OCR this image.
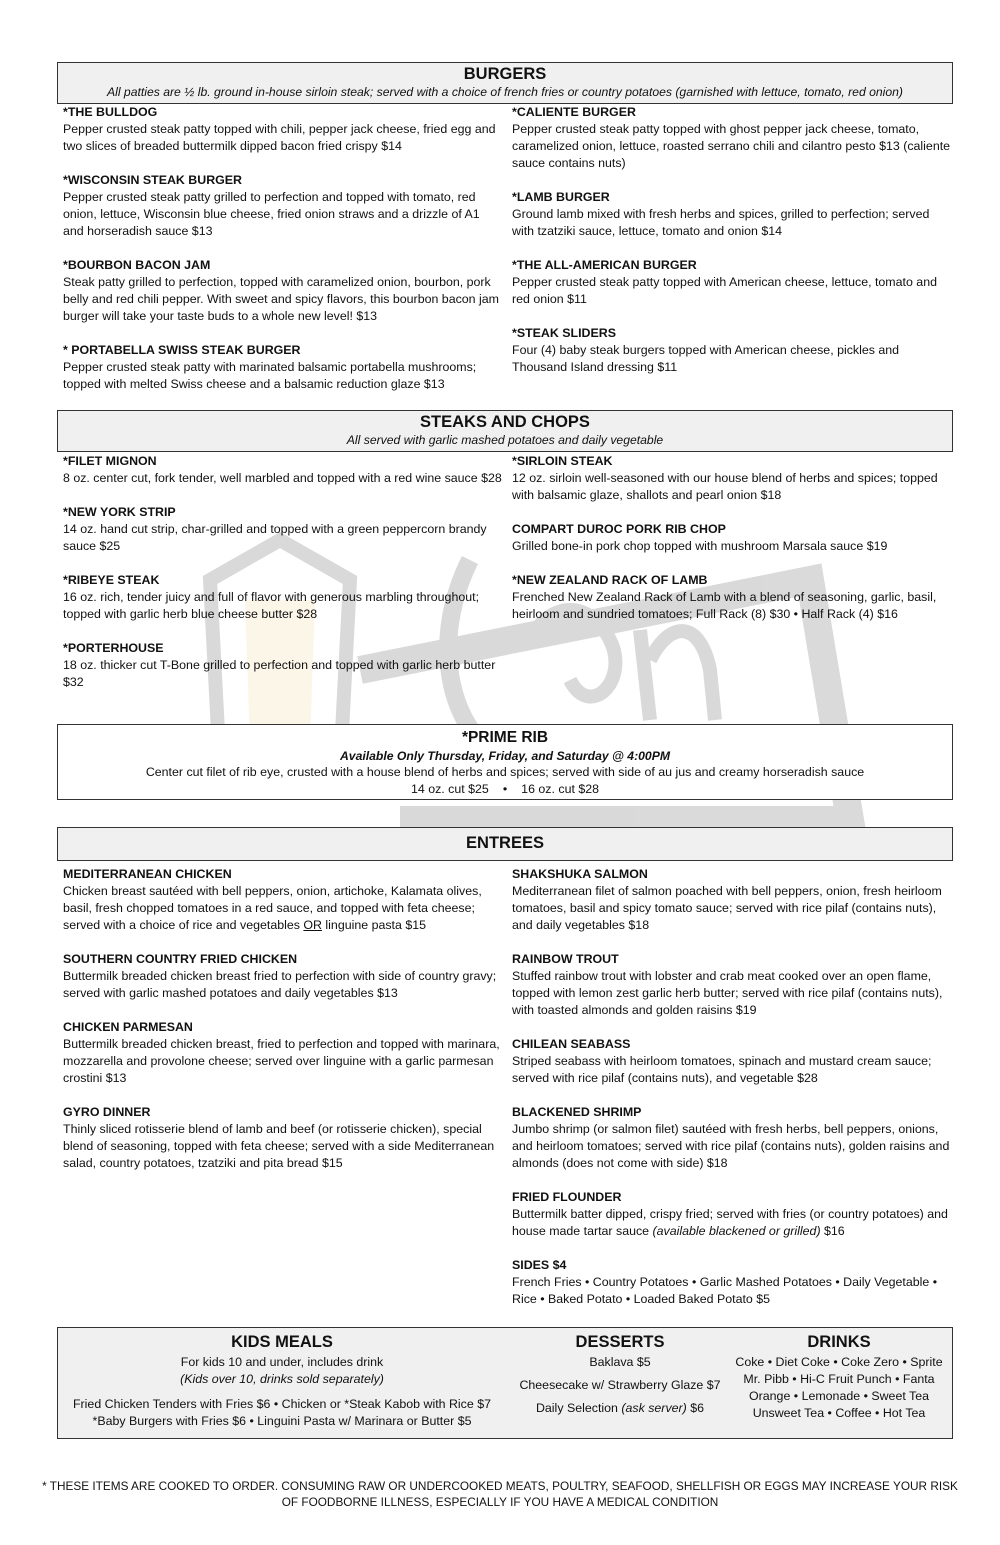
BURGERS
All patties are ½ lb. ground in-house sirloin steak; served with a choice of french fries or country potatoes (garnished with lettuce, tomato, red onion)
*THE BULLDOG
Pepper crusted steak patty topped with chili, pepper jack cheese, fried egg and two slices of breaded buttermilk dipped bacon fried crispy $14
*WISCONSIN STEAK BURGER
Pepper crusted steak patty grilled to perfection and topped with tomato, red onion, lettuce, Wisconsin blue cheese, fried onion straws and a drizzle of A1 and horseradish sauce $13
*BOURBON BACON JAM
Steak patty grilled to perfection, topped with caramelized onion, bourbon, pork belly and red chili pepper. With sweet and spicy flavors, this bourbon bacon jam burger will take your taste buds to a whole new level! $13
* PORTABELLA SWISS STEAK BURGER
Pepper crusted steak patty with marinated balsamic portabella mushrooms; topped with melted Swiss cheese and a balsamic reduction glaze $13
*CALIENTE BURGER
Pepper crusted steak patty topped with ghost pepper jack cheese, tomato, caramelized onion, lettuce, roasted serrano chili and cilantro pesto $13 (caliente sauce contains nuts)
*LAMB BURGER
Ground lamb mixed with fresh herbs and spices, grilled to perfection; served with tzatziki sauce, lettuce, tomato and onion $14
*THE ALL-AMERICAN BURGER
Pepper crusted steak patty topped with American cheese, lettuce, tomato and red onion $11
*STEAK SLIDERS
Four (4) baby steak burgers topped with American cheese, pickles and Thousand Island dressing $11
STEAKS AND CHOPS
All served with garlic mashed potatoes and daily vegetable
*FILET MIGNON
8 oz. center cut, fork tender, well marbled and topped with a red wine sauce $28
*NEW YORK STRIP
14 oz. hand cut strip, char-grilled and topped with a green peppercorn brandy sauce $25
*RIBEYE STEAK
16 oz. rich, tender juicy and full of flavor with generous marbling throughout; topped with garlic herb blue cheese butter $28
*PORTERHOUSE
18 oz. thicker cut T-Bone grilled to perfection and topped with garlic herb butter $32
*SIRLOIN STEAK
12 oz. sirloin well-seasoned with our house blend of herbs and spices; topped with balsamic glaze, shallots and pearl onion $18
COMPART DUROC PORK RIB CHOP
Grilled bone-in pork chop topped with mushroom Marsala sauce $19
*NEW ZEALAND RACK OF LAMB
Frenched New Zealand Rack of Lamb with a blend of seasoning, garlic, basil, heirloom and sundried tomatoes; Full Rack (8) $30 • Half Rack (4) $16
*PRIME RIB
Available Only Thursday, Friday, and Saturday @ 4:00PM
Center cut filet of rib eye, crusted with a house blend of herbs and spices; served with side of au jus and creamy horseradish sauce
14 oz. cut $25 • 16 oz. cut $28
ENTREES
MEDITERRANEAN CHICKEN
Chicken breast sautéed with bell peppers, onion, artichoke, Kalamata olives, basil, fresh chopped tomatoes in a red sauce, and topped with feta cheese; served with a choice of rice and vegetables OR linguine pasta $15
SOUTHERN COUNTRY FRIED CHICKEN
Buttermilk breaded chicken breast fried to perfection with side of country gravy; served with garlic mashed potatoes and daily vegetables $13
CHICKEN PARMESAN
Buttermilk breaded chicken breast, fried to perfection and topped with marinara, mozzarella and provolone cheese; served over linguine with a garlic parmesan crostini $13
GYRO DINNER
Thinly sliced rotisserie blend of lamb and beef (or rotisserie chicken), special blend of seasoning, topped with feta cheese; served with a side Mediterranean salad, country potatoes, tzatziki and pita bread $15
SHAKSHUKA SALMON
Mediterranean filet of salmon poached with bell peppers, onion, fresh heirloom tomatoes, basil and spicy tomato sauce; served with rice pilaf (contains nuts), and daily vegetables $18
RAINBOW TROUT
Stuffed rainbow trout with lobster and crab meat cooked over an open flame, topped with lemon zest garlic herb butter; served with rice pilaf (contains nuts), with toasted almonds and golden raisins $19
CHILEAN SEABASS
Striped seabass with heirloom tomatoes, spinach and mustard cream sauce; served with rice pilaf (contains nuts), and vegetable $28
BLACKENED SHRIMP
Jumbo shrimp (or salmon filet) sautéed with fresh herbs, bell peppers, onions, and heirloom tomatoes; served with rice pilaf (contains nuts), golden raisins and almonds (does not come with side) $18
FRIED FLOUNDER
Buttermilk batter dipped, crispy fried; served with fries (or country potatoes) and house made tartar sauce (available blackened or grilled) $16
SIDES $4
French Fries • Country Potatoes • Garlic Mashed Potatoes • Daily Vegetable • Rice • Baked Potato • Loaded Baked Potato $5
KIDS MEALS
For kids 10 and under, includes drink
(Kids over 10, drinks sold separately)
Fried Chicken Tenders with Fries $6 • Chicken or *Steak Kabob with Rice $7
*Baby Burgers with Fries $6 • Linguini Pasta w/ Marinara or Butter $5
DESSERTS
Baklava $5
Cheesecake w/ Strawberry Glaze $7
Daily Selection (ask server) $6
DRINKS
Coke • Diet Coke • Coke Zero • Sprite
Mr. Pibb • Hi-C Fruit Punch • Fanta
Orange • Lemonade • Sweet Tea
Unsweet Tea • Coffee • Hot Tea
* THESE ITEMS ARE COOKED TO ORDER. CONSUMING RAW OR UNDERCOOKED MEATS, POULTRY, SEAFOOD, SHELLFISH OR EGGS MAY INCREASE YOUR RISK
OF FOODBORNE ILLNESS, ESPECIALLY IF YOU HAVE A MEDICAL CONDITION
